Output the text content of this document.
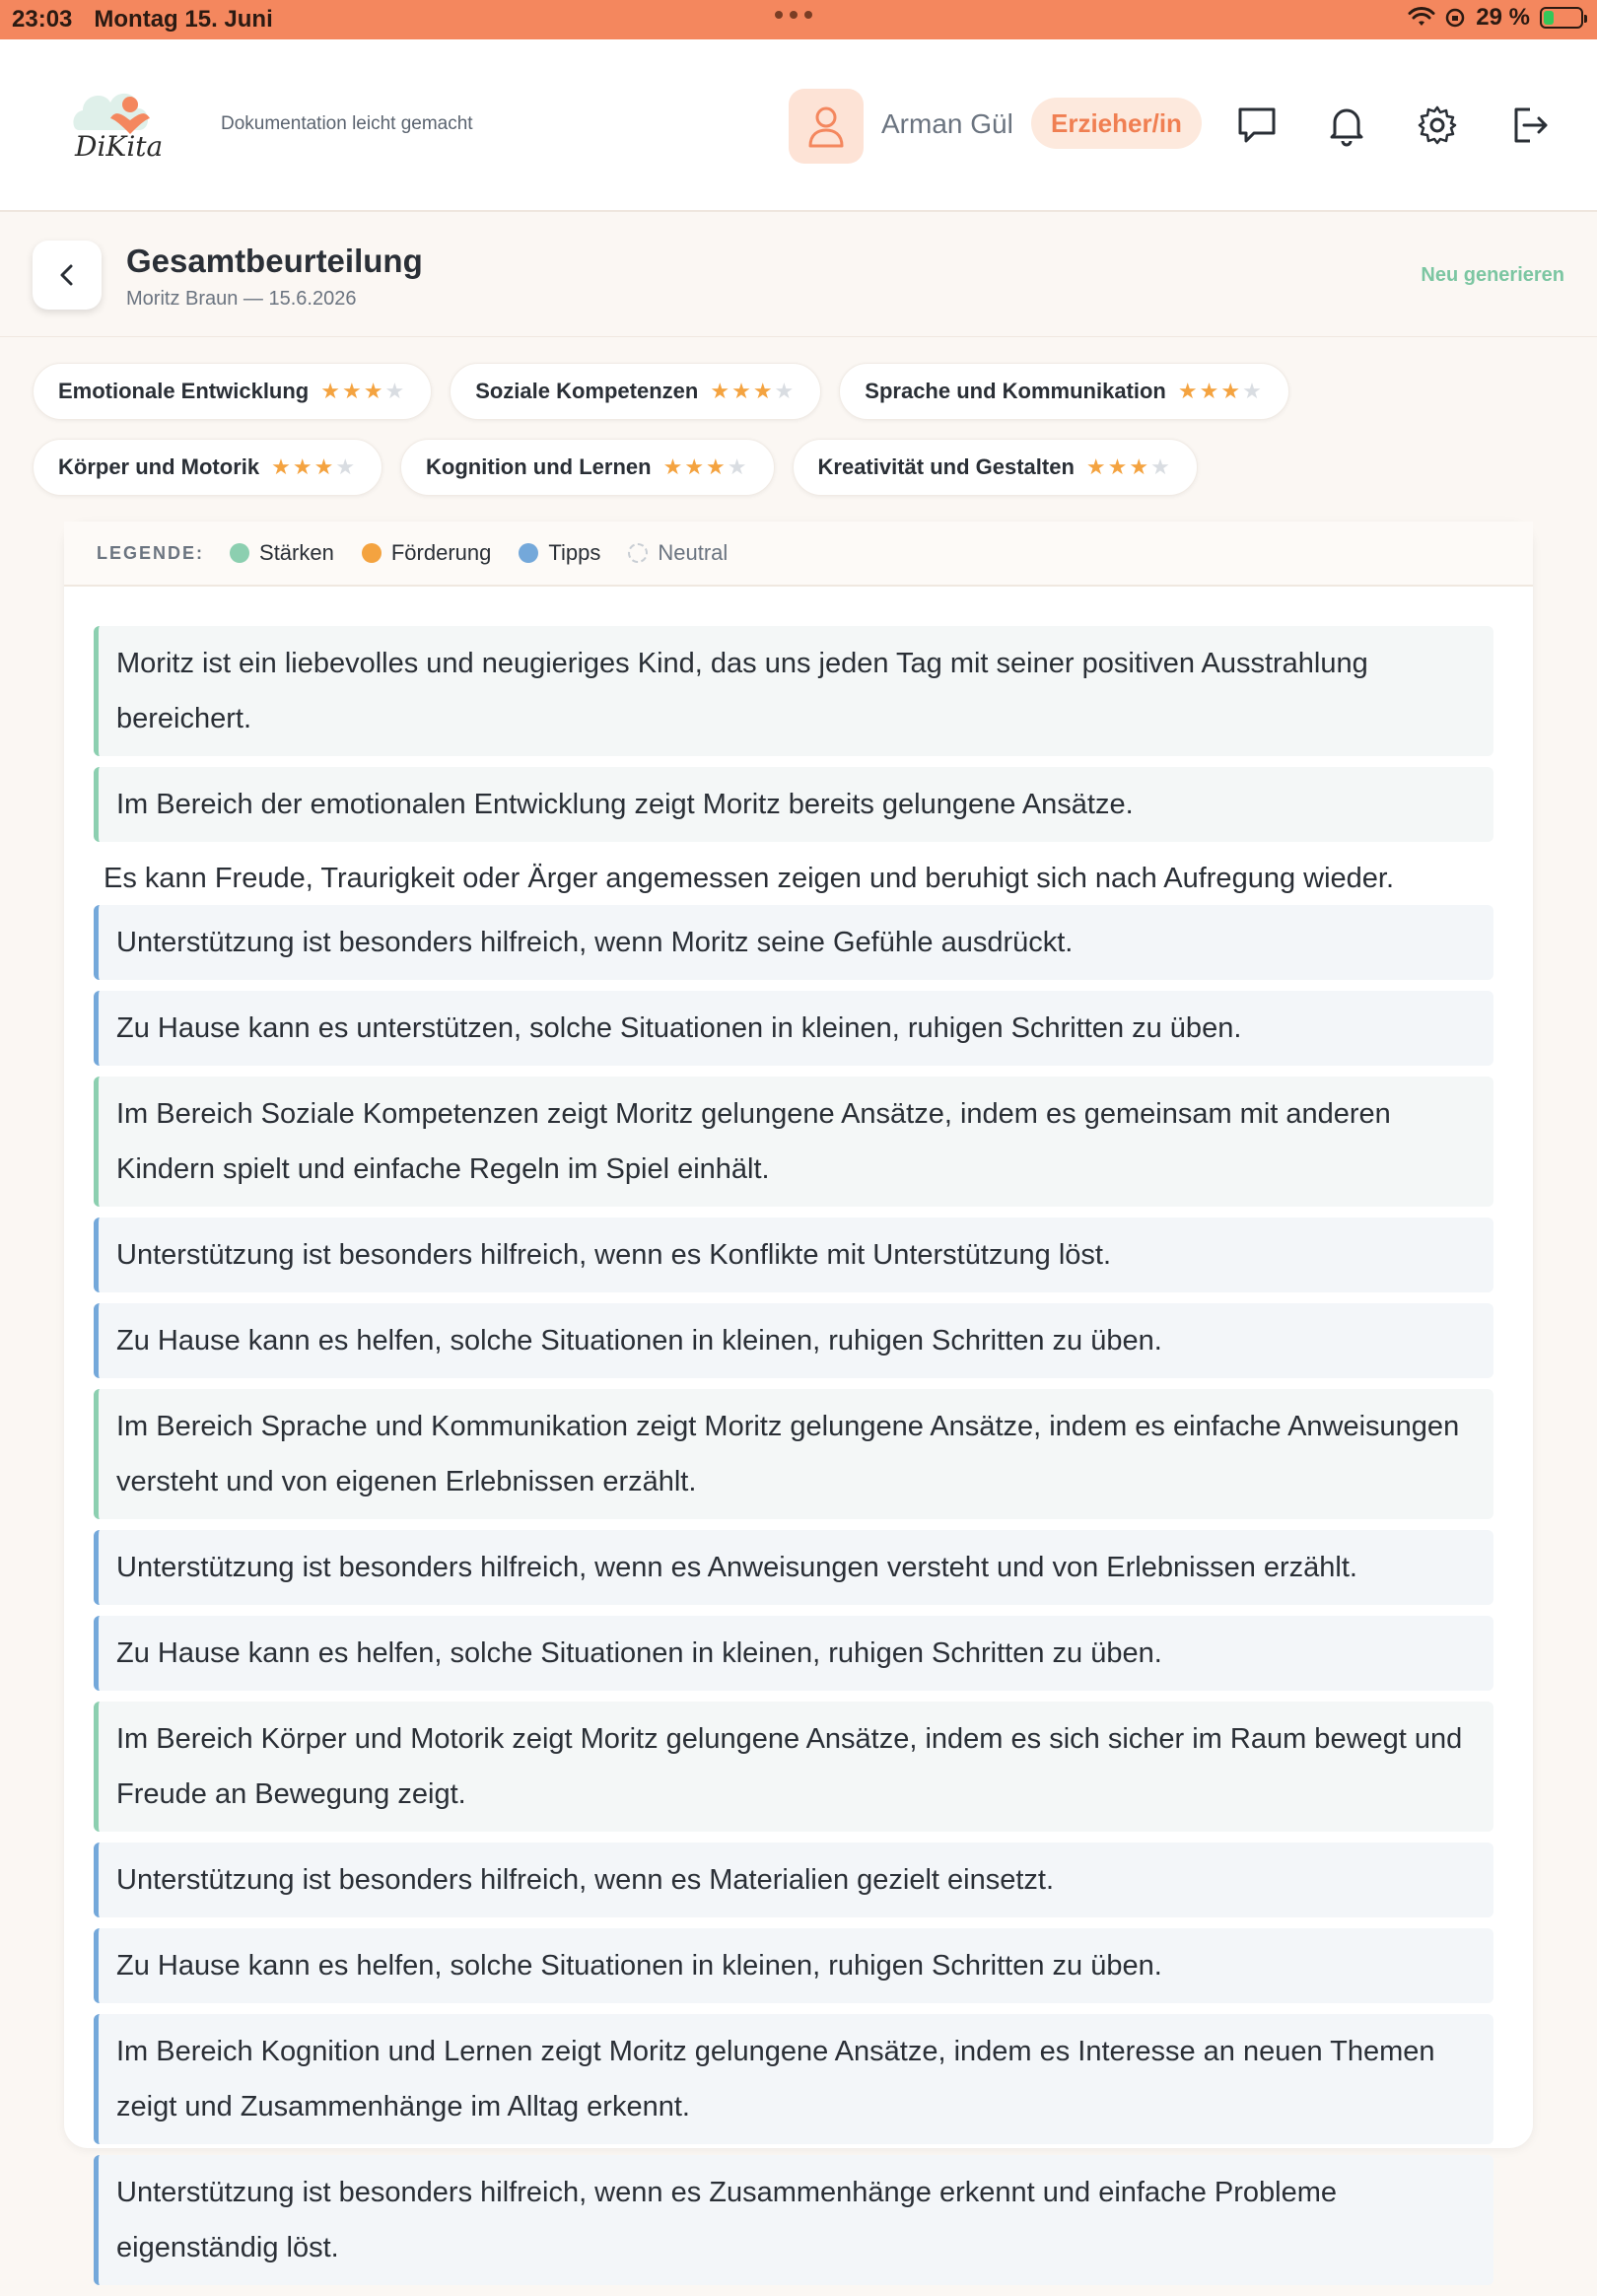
23:03 Montag 15. Juni	29 %
DiKita
Dokumentation leicht gemacht	Arman Gül	Erzieher/in
Gesamtbeurteilung
Moritz Braun — 15.6.2026
Neu generieren
Emotionale Entwicklung ★★★★	Soziale Kompetenzen ★★★★	Sprache und Kommunikation ★★★★
Körper und Motorik ★★★★	Kognition und Lernen ★★★★	Kreativität und Gestalten ★★★★
LEGENDE:	Stärken	Förderung	Tipps	Neutral
Moritz ist ein liebevolles und neugieriges Kind, das uns jeden Tag mit seiner positiven Ausstrahlung bereichert.
Im Bereich der emotionalen Entwicklung zeigt Moritz bereits gelungene Ansätze.
Es kann Freude, Traurigkeit oder Ärger angemessen zeigen und beruhigt sich nach Aufregung wieder.
Unterstützung ist besonders hilfreich, wenn Moritz seine Gefühle ausdrückt.
Zu Hause kann es unterstützen, solche Situationen in kleinen, ruhigen Schritten zu üben.
Im Bereich Soziale Kompetenzen zeigt Moritz gelungene Ansätze, indem es gemeinsam mit anderen Kindern spielt und einfache Regeln im Spiel einhält.
Unterstützung ist besonders hilfreich, wenn es Konflikte mit Unterstützung löst.
Zu Hause kann es helfen, solche Situationen in kleinen, ruhigen Schritten zu üben.
Im Bereich Sprache und Kommunikation zeigt Moritz gelungene Ansätze, indem es einfache Anweisungen versteht und von eigenen Erlebnissen erzählt.
Unterstützung ist besonders hilfreich, wenn es Anweisungen versteht und von Erlebnissen erzählt.
Zu Hause kann es helfen, solche Situationen in kleinen, ruhigen Schritten zu üben.
Im Bereich Körper und Motorik zeigt Moritz gelungene Ansätze, indem es sich sicher im Raum bewegt und Freude an Bewegung zeigt.
Unterstützung ist besonders hilfreich, wenn es Materialien gezielt einsetzt.
Zu Hause kann es helfen, solche Situationen in kleinen, ruhigen Schritten zu üben.
Im Bereich Kognition und Lernen zeigt Moritz gelungene Ansätze, indem es Interesse an neuen Themen zeigt und Zusammenhänge im Alltag erkennt.
Unterstützung ist besonders hilfreich, wenn es Zusammenhänge erkennt und einfache Probleme eigenständig löst.
